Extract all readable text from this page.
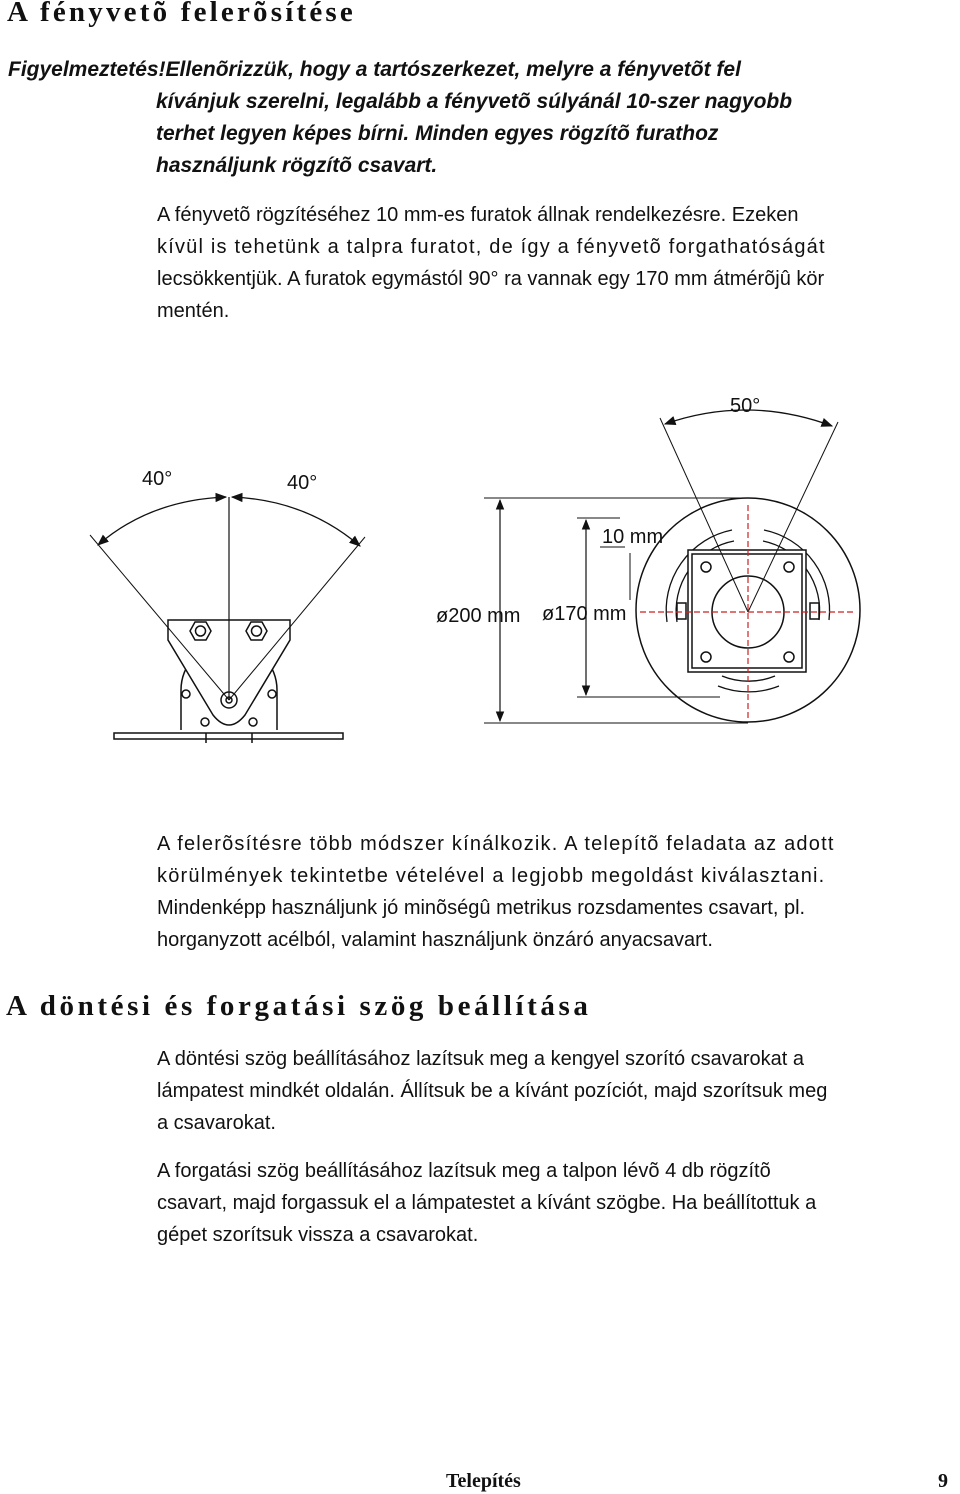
A fényvetõ felerõsítése
Figyelmeztetés!Ellenõrizzük, hogy a tartószerkezet, melyre a fényvetõt fel
kívánjuk szerelni, legalább a fényvetõ súlyánál 10-szer nagyobb
terhet legyen képes bírni. Minden egyes rögzítõ furathoz
használjunk rögzítõ csavart.
A fényvetõ rögzítéséhez 10 mm-es furatok állnak rendelkezésre. Ezeken
kívül is tehetünk a talpra furatot, de így a fényvetõ forgathatóságát
lecsökkentjük. A furatok egymástól 90° ra vannak egy 170 mm átmérõjû kör
mentén.
40°	40°
50°
10 mm
ø200 mm ø170 mm
A felerõsítésre több módszer kínálkozik. A telepítõ feladata az adott
körülmények tekintetbe vételével a legjobb megoldást kiválasztani.
Mindenképp használjunk jó minõségû metrikus rozsdamentes csavart, pl.
horganyzott acélból, valamint használjunk önzáró anyacsavart.
A döntési és forgatási szög beállítása
A döntési szög beállításához lazítsuk meg a kengyel szorító csavarokat a
lámpatest mindkét oldalán. Állítsuk be a kívánt pozíciót, majd szorítsuk meg
a csavarokat.
A forgatási szög beállításához lazítsuk meg a talpon lévõ 4 db rögzítõ
csavart, majd forgassuk el a lámpatestet a kívánt szögbe. Ha beállítottuk a
gépet szorítsuk vissza a csavarokat.
Telepítés	9
